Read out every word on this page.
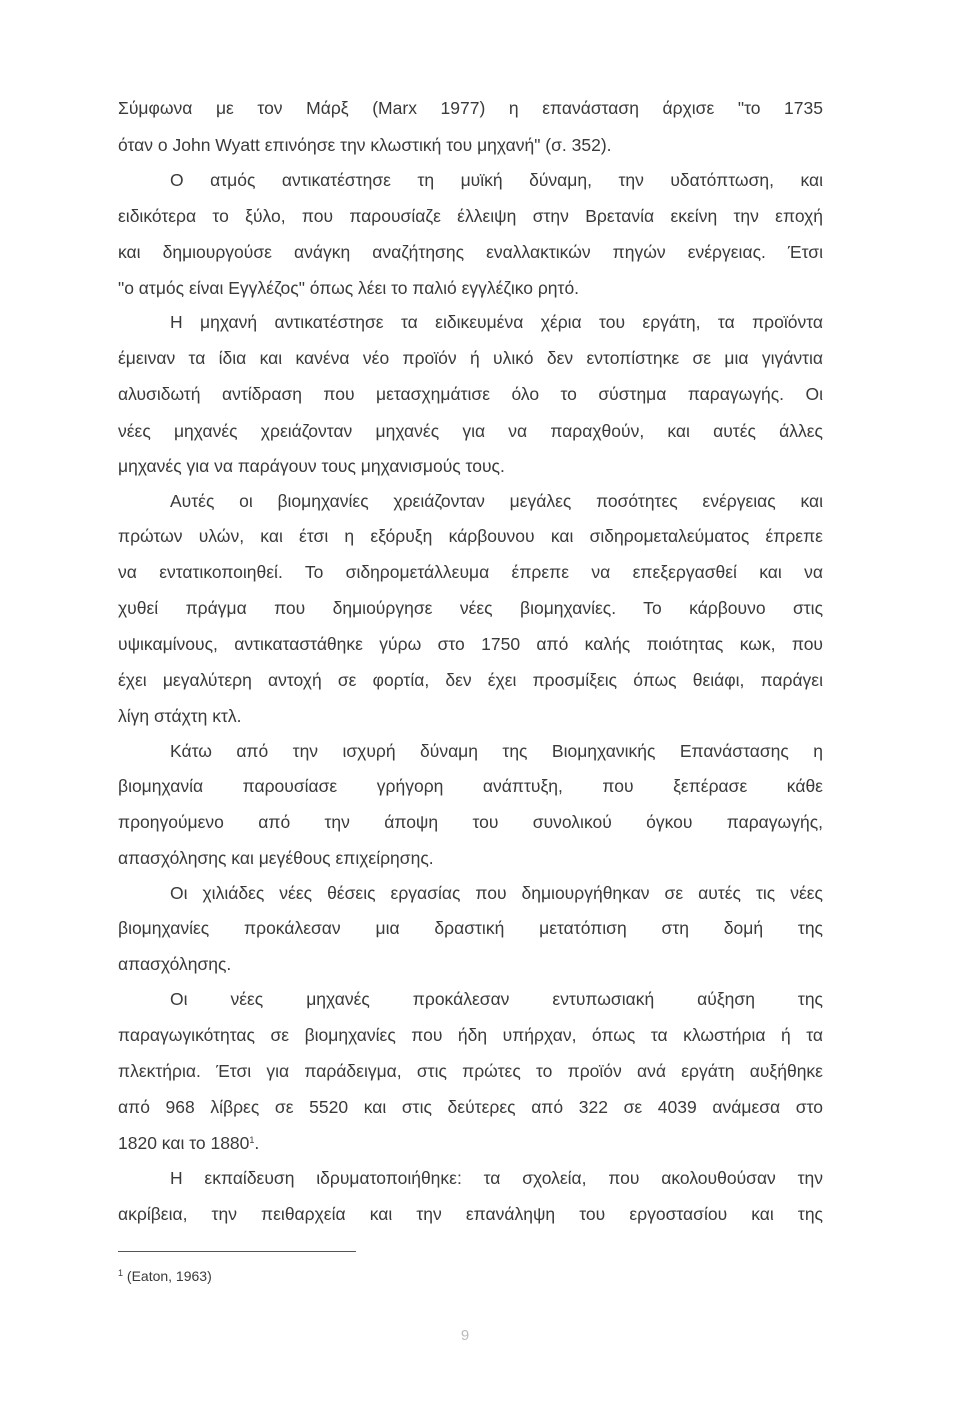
Σύμφωνα με τον Μάρξ (Marx 1977) η επανάσταση άρχισε "το 1735
όταν ο John Wyatt επινόησε την κλωστική του μηχανή" (σ. 352).
Ο ατμός αντικατέστησε τη μυϊκή δύναμη, την υδατόπτωση, και
ειδικότερα το ξύλο, που παρουσίαζε έλλειψη στην Βρετανία εκείνη την εποχή
και δημιουργούσε ανάγκη αναζήτησης εναλλακτικών πηγών ενέργειας. Έτσι
"ο ατμός είναι Εγγλέζος" όπως λέει το παλιό εγγλέζικο ρητό.
Η μηχανή αντικατέστησε τα ειδικευμένα χέρια του εργάτη, τα προϊόντα
έμειναν τα ίδια και κανένα νέο προϊόν ή υλικό δεν εντοπίστηκε σε μια γιγάντια
αλυσιδωτή αντίδραση που μετασχημάτισε όλο το σύστημα παραγωγής. Οι
νέες μηχανές χρειάζονταν μηχανές για να παραχθούν, και αυτές άλλες
μηχανές για να παράγουν τους μηχανισμούς τους.
Αυτές οι βιομηχανίες χρειάζονταν μεγάλες ποσότητες ενέργειας και
πρώτων υλών, και έτσι η εξόρυξη κάρβουνου και σιδηρομεταλεύματος έπρεπε
να εντατικοποιηθεί. Το σιδηρομετάλλευμα έπρεπε να επεξεργασθεί και να
χυθεί πράγμα που δημιούργησε νέες βιομηχανίες. Το κάρβουνο στις
υψικαμίνους, αντικαταστάθηκε γύρω στο 1750 από καλής ποιότητας κωκ, που
έχει μεγαλύτερη αντοχή σε φορτία, δεν έχει προσμίξεις όπως θειάφι, παράγει
λίγη στάχτη κτλ.
Κάτω από την ισχυρή δύναμη της Βιομηχανικής Επανάστασης η
βιομηχανία παρουσίασε γρήγορη ανάπτυξη, που ξεπέρασε κάθε
προηγούμενο από την άποψη του συνολικού όγκου παραγωγής,
απασχόλησης και μεγέθους επιχείρησης.
Οι χιλιάδες νέες θέσεις εργασίας που δημιουργήθηκαν σε αυτές τις νέες
βιομηχανίες προκάλεσαν μια δραστική μετατόπιση στη δομή της
απασχόλησης.
Οι νέες μηχανές προκάλεσαν εντυπωσιακή αύξηση της
παραγωγικότητας σε βιομηχανίες που ήδη υπήρχαν, όπως τα κλωστήρια ή τα
πλεκτήρια. Έτσι για παράδειγμα, στις πρώτες το προϊόν ανά εργάτη αυξήθηκε
από 968 λίβρες σε 5520 και στις δεύτερες από 322 σε 4039 ανάμεσα στο
1820 και το 1880$^1$.
Η εκπαίδευση ιδρυματοποιήθηκε: τα σχολεία, που ακολουθούσαν την
ακρίβεια, την πειθαρχεία και την επανάληψη του εργοστασίου και της
$^1$ (Eaton, 1963)
9
